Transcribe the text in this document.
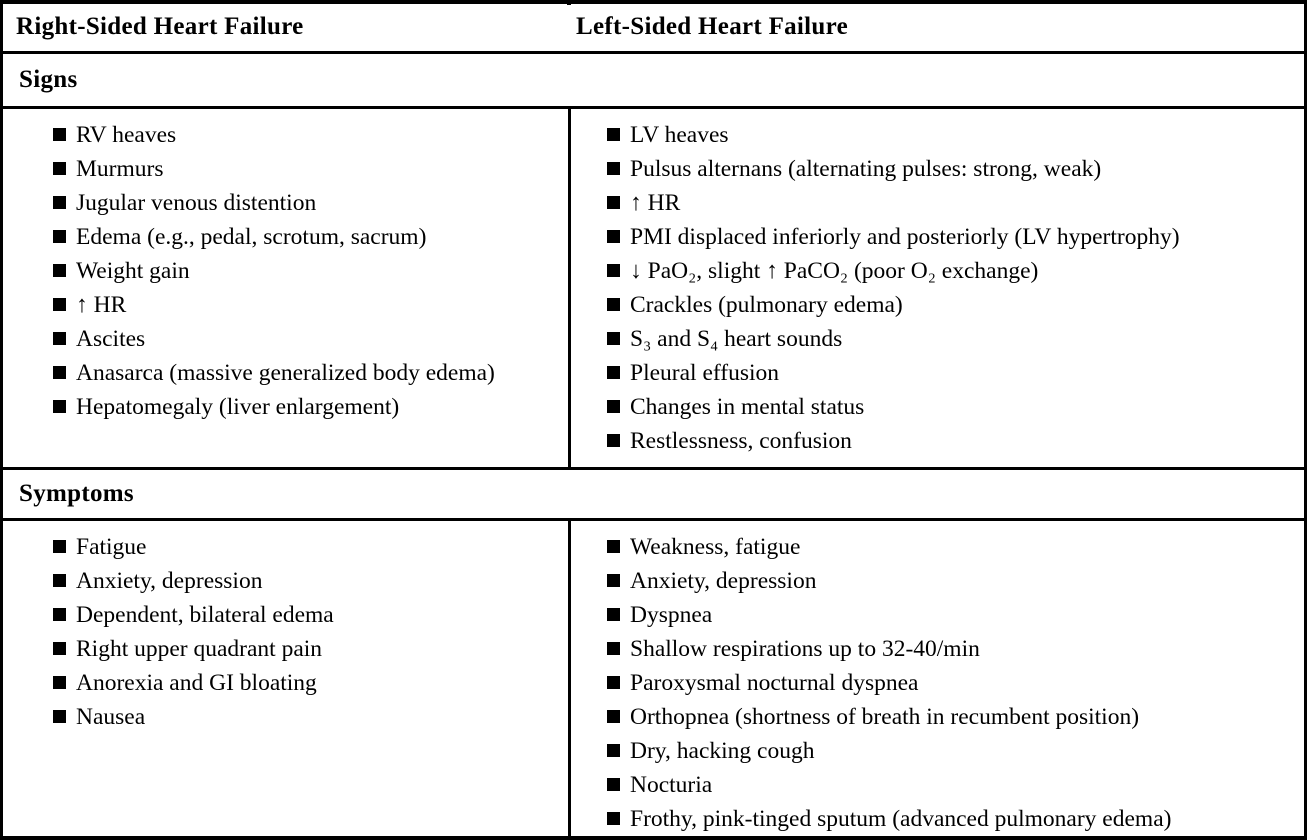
Right-Sided Heart Failure	Left-Sided Heart Failure
Signs
RV heaves
Murmurs
Jugular venous distention
Edema (e.g., pedal, scrotum, sacrum)
Weight gain
↑ HR
Ascites
Anasarca (massive generalized body edema)
Hepatomegaly (liver enlargement)
LV heaves
Pulsus alternans (alternating pulses: strong, weak)
↑ HR
PMI displaced inferiorly and posteriorly (LV hypertrophy)
↓ PaO₂, slight ↑ PaCO₂ (poor O₂ exchange)
Crackles (pulmonary edema)
S₃ and S₄ heart sounds
Pleural effusion
Changes in mental status
Restlessness, confusion
Symptoms
Fatigue
Anxiety, depression
Dependent, bilateral edema
Right upper quadrant pain
Anorexia and GI bloating
Nausea
Weakness, fatigue
Anxiety, depression
Dyspnea
Shallow respirations up to 32-40/min
Paroxysmal nocturnal dyspnea
Orthopnea (shortness of breath in recumbent position)
Dry, hacking cough
Nocturia
Frothy, pink-tinged sputum (advanced pulmonary edema)
